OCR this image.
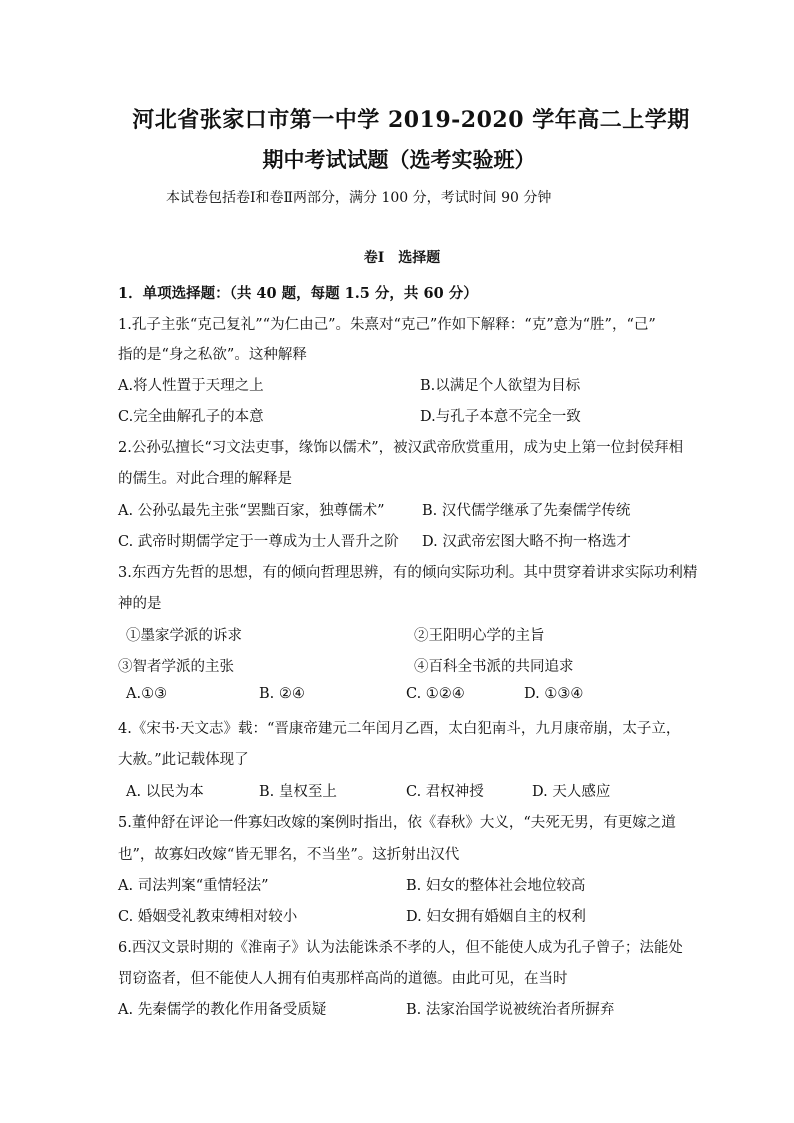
河北省张家口市第一中学 2019-2020 学年高二上学期
期中考试试题（选考实验班）
本试卷包括卷Ⅰ和卷Ⅱ两部分，满分 100 分，考试时间 90 分钟
卷Ⅰ　选择题
1．单项选择题：（共 40 题，每题 1.5 分，共 60 分）
1.孔子主张“克己复礼”“为仁由己”。朱熹对“克己”作如下解释：“克”意为“胜”，“己”
指的是“身之私欲”。这种解释
A.将人性置于天理之上	B.以满足个人欲望为目标
C.完全曲解孔子的本意	D.与孔子本意不完全一致
2.公孙弘擅长“习文法吏事，缘饰以儒术”，被汉武帝欣赏重用，成为史上第一位封侯拜相
的儒生。对此合理的解释是
A. 公孙弘最先主张“罢黜百家，独尊儒术”	B. 汉代儒学继承了先秦儒学传统
C. 武帝时期儒学定于一尊成为士人晋升之阶 D. 汉武帝宏图大略不拘一格选才
3.东西方先哲的思想，有的倾向哲理思辨，有的倾向实际功利。其中贯穿着讲求实际功利精
神的是
①墨家学派的诉求	②王阳明心学的主旨
③智者学派的主张	④百科全书派的共同追求
A.①③	B. ②④	C. ①②④	D. ①③④
4.《宋书·天文志》载：“晋康帝建元二年闰月乙酉，太白犯南斗，九月康帝崩，太子立，
大赦。”此记载体现了
A. 以民为本	B. 皇权至上	C. 君权神授	D. 天人感应
5.董仲舒在评论一件寡妇改嫁的案例时指出，依《春秋》大义，“夫死无男，有更嫁之道
也”，故寡妇改嫁“皆无罪名，不当坐”。这折射出汉代
A. 司法判案“重情轻法”	B. 妇女的整体社会地位较高
C. 婚姻受礼教束缚相对较小	D. 妇女拥有婚姻自主的权利
6.西汉文景时期的《淮南子》认为法能诛杀不孝的人，但不能使人成为孔子曾子；法能处
罚窃盗者，但不能使人人拥有伯夷那样高尚的道德。由此可见，在当时
A. 先秦儒学的教化作用备受质疑	B. 法家治国学说被统治者所摒弃
